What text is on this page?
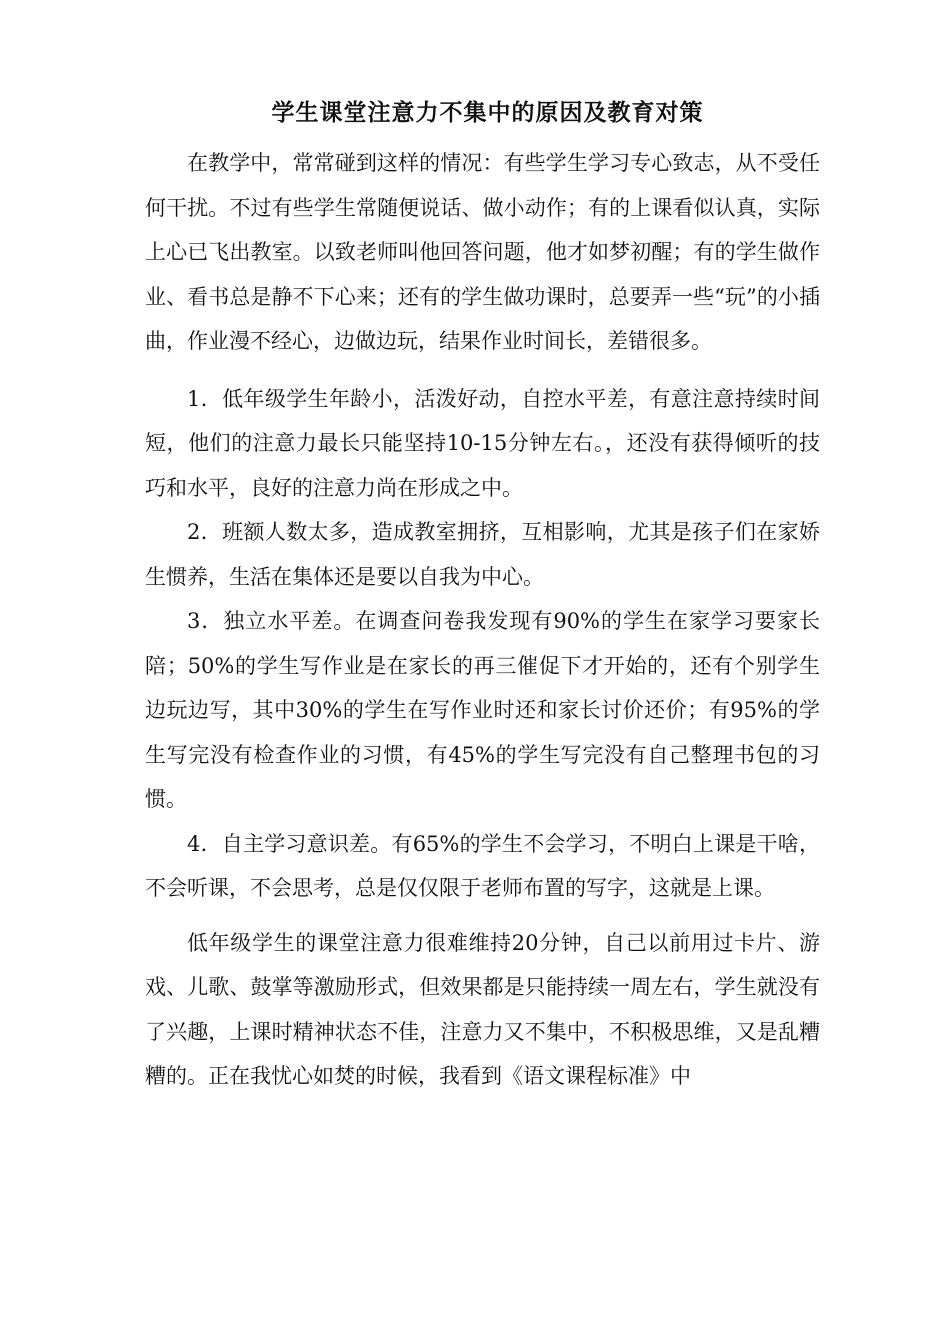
学生课堂注意力不集中的原因及教育对策

在教学中，常常碰到这样的情况：有些学生学习专心致志，从不受任何干扰。不过有些学生常随便说话、做小动作；有的上课看似认真，实际上心已飞出教室。以致老师叫他回答问题，他才如梦初醒；有的学生做作业、看书总是静不下心来；还有的学生做功课时，总要弄一些“玩”的小插曲，作业漫不经心，边做边玩，结果作业时间长，差错很多。

1．低年级学生年龄小，活泼好动，自控水平差，有意注意持续时间短，他们的注意力最长只能坚持10-15分钟左右。，还没有获得倾听的技巧和水平，良好的注意力尚在形成之中。

2．班额人数太多，造成教室拥挤，互相影响，尤其是孩子们在家娇生惯养，生活在集体还是要以自我为中心。

3．独立水平差。在调查问卷我发现有90%的学生在家学习要家长陪；50%的学生写作业是在家长的再三催促下才开始的，还有个别学生边玩边写，其中30%的学生在写作业时还和家长讨价还价；有95%的学生写完没有检查作业的习惯，有45%的学生写完没有自己整理书包的习惯。

4．自主学习意识差。有65%的学生不会学习，不明白上课是干啥，不会听课，不会思考，总是仅仅限于老师布置的写字，这就是上课。

低年级学生的课堂注意力很难维持20分钟，自己以前用过卡片、游戏、儿歌、鼓掌等激励形式，但效果都是只能持续一周左右，学生就没有了兴趣，上课时精神状态不佳，注意力又不集中，不积极思维，又是乱糟糟的。正在我忧心如焚的时候，我看到《语文课程标准》中
